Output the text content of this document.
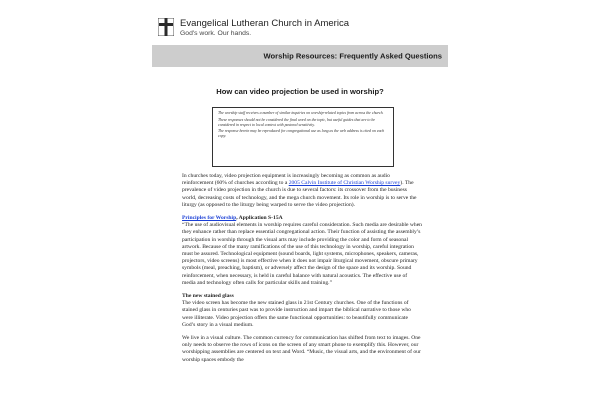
Evangelical Lutheran Church in America
God's work. Our hands.
Worship Resources: Frequently Asked Questions
How can video projection be used in worship?

The worship staff receives a number of similar inquiries on worship-related topics from across the church.

These responses should not be considered the final word on the topic, but useful guides that are to be considered in respect to local context with pastoral sensitivity.

The response herein may be reproduced for congregational use as long as the web address is cited on each copy.

In churches today, video projection equipment is increasingly becoming as common as audio reinforcement (60% of churches according to a 2005 Calvin Institute of Christian Worship survey). The prevalence of video projection in the church is due to several factors: its crossover from the business world, decreasing costs of technology, and the mega church movement. Its role in worship is to serve the liturgy (as opposed to the liturgy being warped to serve the video projection).

Principles for Worship, Application S-15A
“The use of audiovisual elements in worship requires careful consideration. Such media are desirable when they enhance rather than replace essential congregational action. Their function of assisting the assembly’s participation in worship through the visual arts may include providing the color and form of seasonal artwork. Because of the many ramifications of the use of this technology in worship, careful integration must be assured. Technological equipment (sound boards, light systems, microphones, speakers, cameras, projectors, video screens) is most effective when it does not impair liturgical movement, obscure primary symbols (meal, preaching, baptism), or adversely affect the design of the space and its worship. Sound reinforcement, when necessary, is held in careful balance with natural acoustics. The effective use of media and technology often calls for particular skills and training.”

The new stained glass
The video screen has become the new stained glass in 21st Century churches. One of the functions of stained glass in centuries past was to provide instruction and impart the biblical narrative to those who were illiterate. Video projection offers the same functional opportunities: to beautifully communicate God’s story in a visual medium.

We live in a visual culture. The common currency for communication has shifted from text to images. One only needs to observe the rows of icons on the screen of any smart phone to exemplify this. However, our worshipping assemblies are centered on text and Word. “Music, the visual arts, and the environment of our worship spaces embody the
